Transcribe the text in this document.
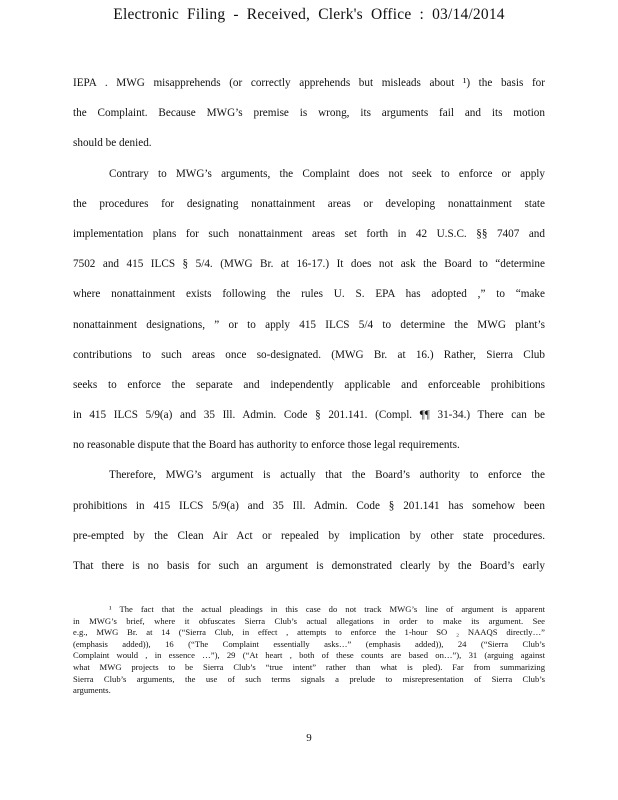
Electronic Filing - Received, Clerk's Office : 03/14/2014
IEPA . MWG misapprehends (or correctly apprehends but misleads about ¹) the basis for
the Complaint. Because MWG’s premise is wrong, its arguments fail and its motion
should be denied.
Contrary to MWG’s arguments, the Complaint does not seek to enforce or apply
the procedures for designating nonattainment areas or developing nonattainment state
implementation plans for such nonattainment areas set forth in 42 U.S.C. §§ 7407 and
7502 and 415 ILCS § 5/4. (MWG Br. at 16-17.) It does not ask the Board to “determine
where nonattainment exists following the rules U. S. EPA has adopted ,” to “make
nonattainment designations, ” or to apply 415 ILCS 5/4 to determine the MWG plant’s
contributions to such areas once so-designated. (MWG Br. at 16.) Rather, Sierra Club
seeks to enforce the separate and independently applicable and enforceable prohibitions
in 415 ILCS 5/9(a) and 35 Ill. Admin. Code § 201.141. (Compl. ¶¶ 31-34.) There can be
no reasonable dispute that the Board has authority to enforce those legal requirements.
Therefore, MWG’s argument is actually that the Board’s authority to enforce the
prohibitions in 415 ILCS 5/9(a) and 35 Ill. Admin. Code § 201.141 has somehow been
pre-empted by the Clean Air Act or repealed by implication by other state procedures.
That there is no basis for such an argument is demonstrated clearly by the Board’s early
¹ The fact that the actual pleadings in this case do not track MWG’s line of argument is apparent
in MWG’s brief, where it obfuscates Sierra Club’s actual allegations in order to make its argument. See
e.g., MWG Br. at 14 (“Sierra Club, in effect , attempts to enforce the 1-hour SO ₂ NAAQS directly…”
(emphasis added)), 16 (“The Complaint essentially asks…” (emphasis added)), 24 (“Sierra Club’s
Complaint would , in essence …”), 29 (“At heart , both of these counts are based on…”), 31 (arguing against
what MWG projects to be Sierra Club’s “true intent” rather than what is pled). Far from summarizing
Sierra Club’s arguments, the use of such terms signals a prelude to misrepresentation of Sierra Club’s
arguments.
9
